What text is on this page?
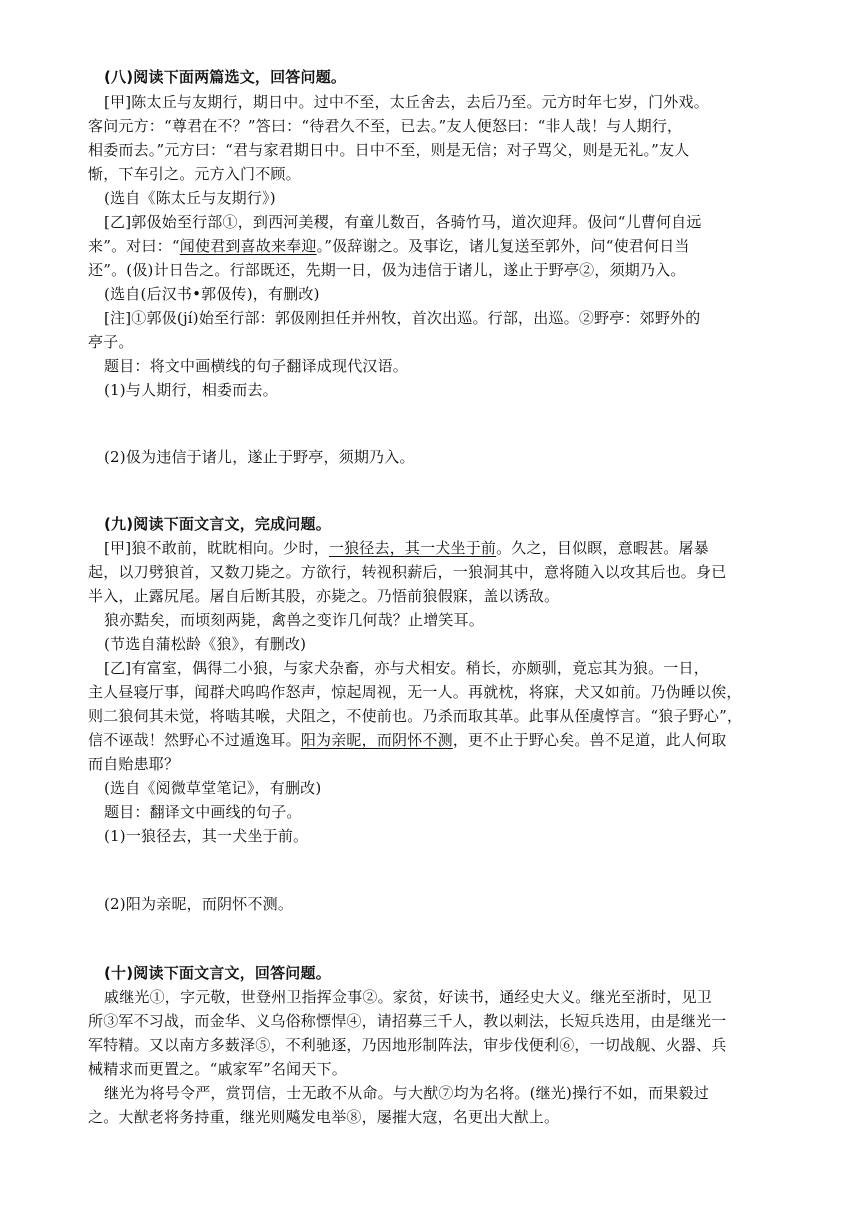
(八)阅读下面两篇选文，回答问题。
[甲]陈太丘与友期行，期日中。过中不至，太丘舍去，去后乃至。元方时年七岁，门外戏。
客问元方：“尊君在不？”答曰：“待君久不至，已去。”友人便怒曰：“非人哉！与人期行，
相委而去。”元方曰：“君与家君期日中。日中不至，则是无信；对子骂父，则是无礼。”友人
惭，下车引之。元方入门不顾。
(选自《陈太丘与友期行》)
[乙]郭伋始至行部①，到西河美稷，有童儿数百，各骑竹马，道次迎拜。伋问“儿曹何自远
来”。对曰：“闻使君到喜故来奉迎。”伋辞谢之。及事讫，诸儿复送至郭外，问“使君何日当
还”。(伋)计日告之。行部既还，先期一日，伋为违信于诸儿，遂止于野亭②，须期乃入。
(选自(后汉书•郭伋传)，有删改)
[注]①郭伋(jí)始至行部：郭伋刚担任并州牧，首次出巡。行部，出巡。②野亭：郊野外的
亭子。
题目：将文中画横线的句子翻译成现代汉语。
(1)与人期行，相委而去。
(2)伋为违信于诸儿，遂止于野亭，须期乃入。
(九)阅读下面文言文，完成问题。
[甲]狼不敢前，眈眈相向。少时，一狼径去，其一犬坐于前。久之，目似瞑，意暇甚。屠暴
起，以刀劈狼首，又数刀毙之。方欲行，转视积薪后，一狼洞其中，意将随入以攻其后也。身已
半入，止露尻尾。屠自后断其股，亦毙之。乃悟前狼假寐，盖以诱敌。
狼亦黠矣，而顷刻两毙，禽兽之变诈几何哉？止增笑耳。
(节选自蒲松龄《狼》，有删改)
[乙]有富室，偶得二小狼，与家犬杂畜，亦与犬相安。稍长，亦颇驯，竟忘其为狼。一日，
主人昼寝厅事，闻群犬呜呜作怒声，惊起周视，无一人。再就枕，将寐，犬又如前。乃伪睡以俟，
则二狼伺其未觉，将啮其喉，犬阻之，不使前也。乃杀而取其革。此事从侄虞惇言。“狼子野心”，
信不诬哉！然野心不过遁逸耳。阳为亲昵，而阴怀不测，更不止于野心矣。兽不足道，此人何取
而自贻患耶？
(选自《阅微草堂笔记》，有删改)
题目：翻译文中画线的句子。
(1)一狼径去，其一犬坐于前。
(2)阳为亲昵，而阴怀不测。
(十)阅读下面文言文，回答问题。
戚继光①，字元敬，世登州卫指挥佥事②。家贫，好读书，通经史大义。继光至浙时，见卫
所③军不习战，而金华、义乌俗称慓悍④，请招募三千人，教以刺法，长短兵迭用，由是继光一
军特精。又以南方多薮泽⑤，不利驰逐，乃因地形制阵法，审步伐便利⑥，一切战舰、火器、兵
械精求而更置之。“戚家军”名闻天下。
继光为将号令严，赏罚信，士无敢不从命。与大猷⑦均为名将。(继光)操行不如，而果毅过
之。大猷老将务持重，继光则飚发电举⑧，屡摧大寇，名更出大猷上。
